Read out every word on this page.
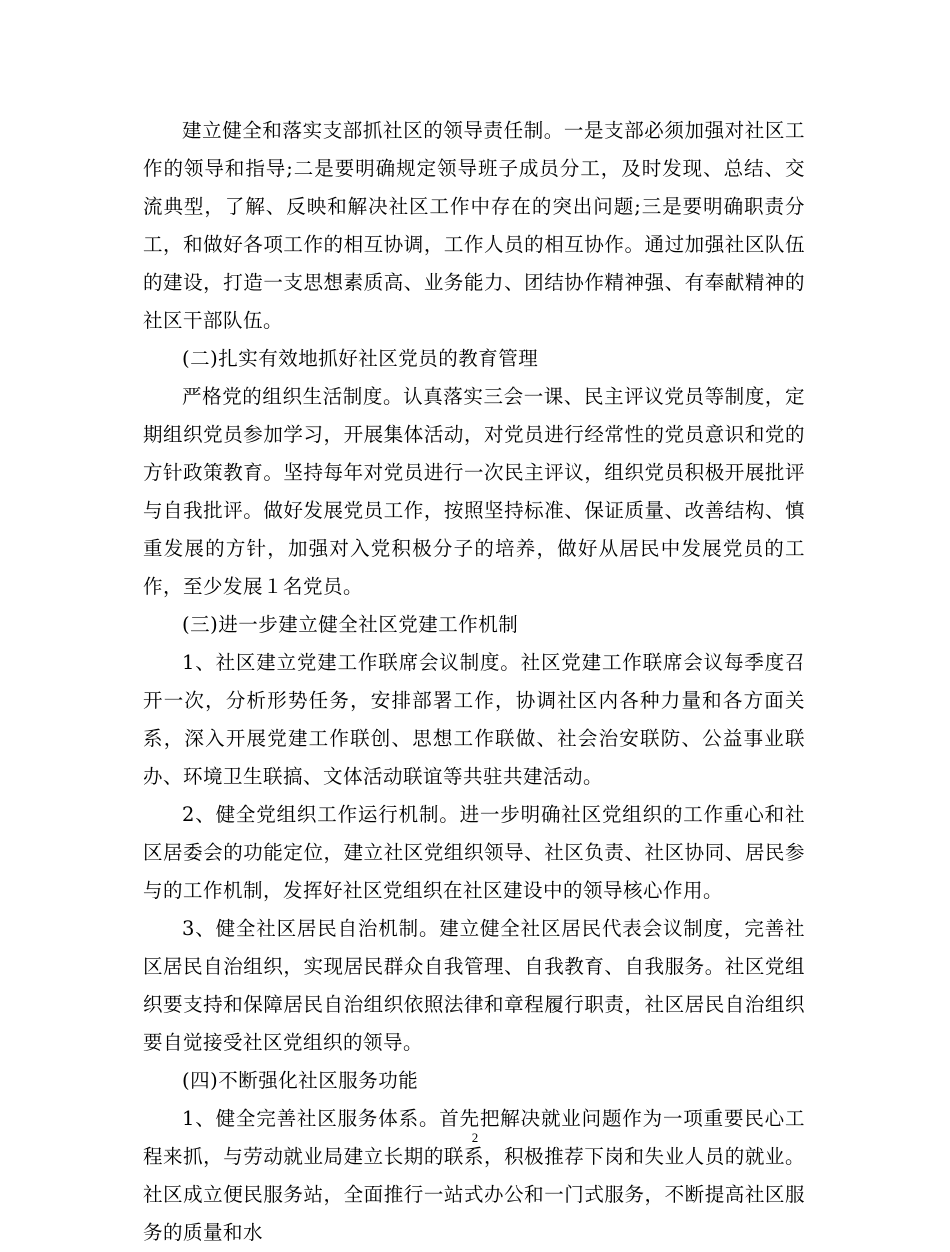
建立健全和落实支部抓社区的领导责任制。一是支部必须加强对社区工作的领导和指导;二是要明确规定领导班子成员分工，及时发现、总结、交流典型，了解、反映和解决社区工作中存在的突出问题;三是要明确职责分工，和做好各项工作的相互协调，工作人员的相互协作。通过加强社区队伍的建设，打造一支思想素质高、业务能力、团结协作精神强、有奉献精神的社区干部队伍。

(二)扎实有效地抓好社区党员的教育管理

严格党的组织生活制度。认真落实三会一课、民主评议党员等制度，定期组织党员参加学习，开展集体活动，对党员进行经常性的党员意识和党的方针政策教育。坚持每年对党员进行一次民主评议，组织党员积极开展批评与自我批评。做好发展党员工作，按照坚持标准、保证质量、改善结构、慎重发展的方针，加强对入党积极分子的培养，做好从居民中发展党员的工作，至少发展１名党员。

(三)进一步建立健全社区党建工作机制

1、社区建立党建工作联席会议制度。社区党建工作联席会议每季度召开一次，分析形势任务，安排部署工作，协调社区内各种力量和各方面关系，深入开展党建工作联创、思想工作联做、社会治安联防、公益事业联办、环境卫生联搞、文体活动联谊等共驻共建活动。

2、健全党组织工作运行机制。进一步明确社区党组织的工作重心和社区居委会的功能定位，建立社区党组织领导、社区负责、社区协同、居民参与的工作机制，发挥好社区党组织在社区建设中的领导核心作用。

3、健全社区居民自治机制。建立健全社区居民代表会议制度，完善社区居民自治组织，实现居民群众自我管理、自我教育、自我服务。社区党组织要支持和保障居民自治组织依照法律和章程履行职责，社区居民自治组织要自觉接受社区党组织的领导。

(四)不断强化社区服务功能

1、健全完善社区服务体系。首先把解决就业问题作为一项重要民心工程来抓，与劳动就业局建立长期的联系，积极推荐下岗和失业人员的就业。社区成立便民服务站，全面推行一站式办公和一门式服务，不断提高社区服务的质量和水

2
